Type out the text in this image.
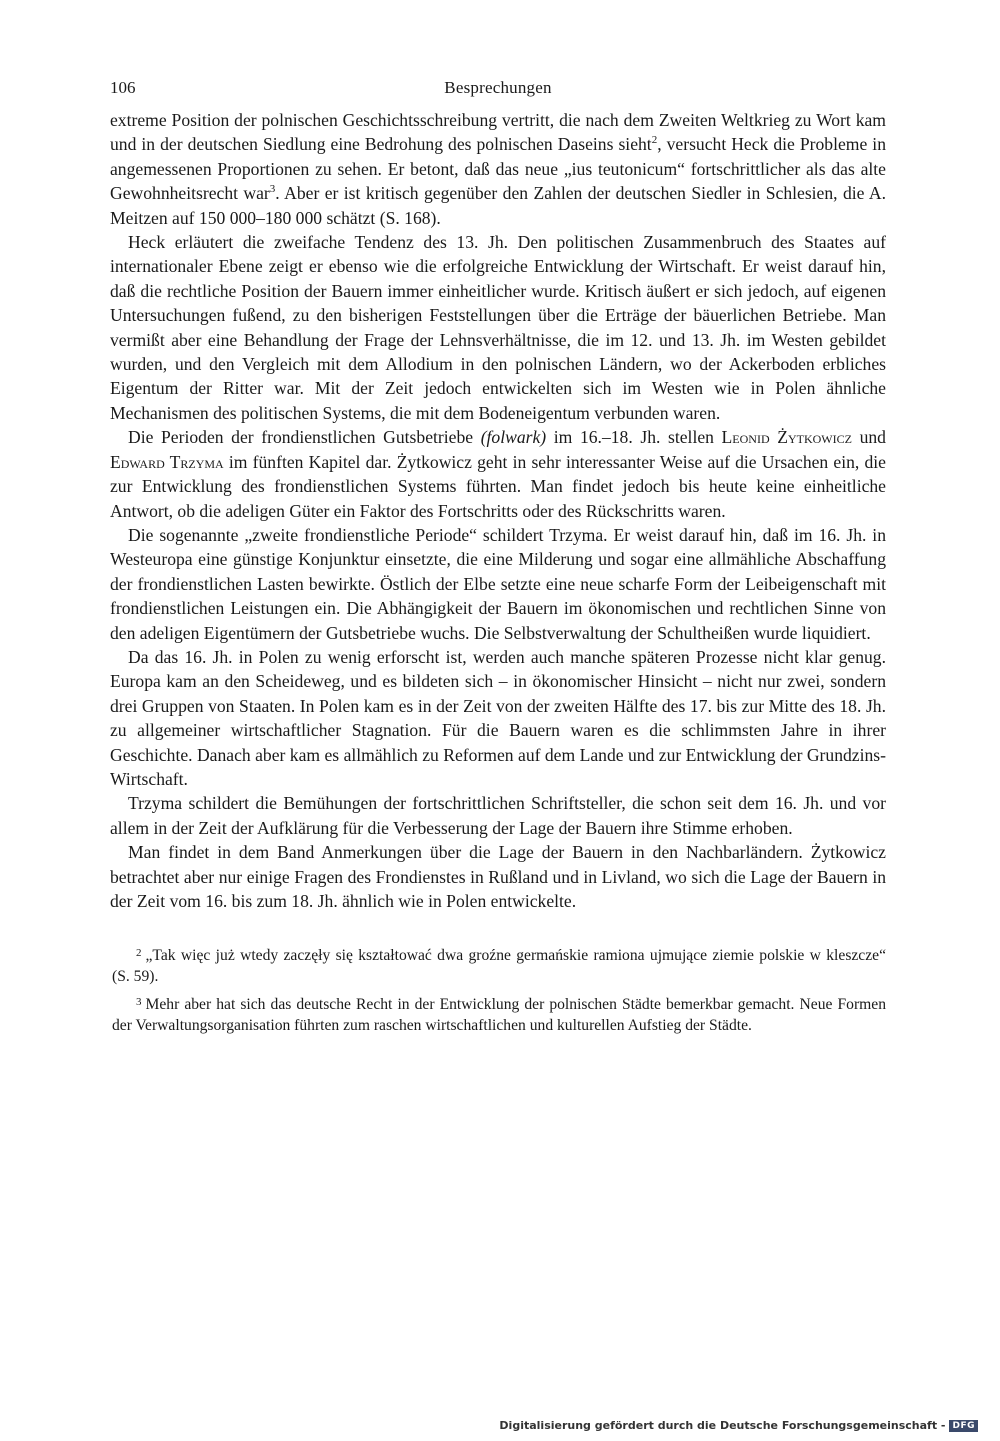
106	Besprechungen

extreme Position der polnischen Geschichtsschreibung vertritt, die nach dem Zweiten Weltkrieg zu Wort kam und in der deutschen Siedlung eine Bedrohung des polnischen Daseins sieht$^2$, versucht Heck die Probleme in angemessenen Proportionen zu sehen. Er betont, daß das neue „ius teutonicum“ fortschrittlicher als das alte Gewohnheitsrecht war$^3$. Aber er ist kritisch gegenüber den Zahlen der deutschen Siedler in Schlesien, die A. Meitzen auf 150 000–180 000 schätzt (S. 168).

Heck erläutert die zweifache Tendenz des 13. Jh. Den politischen Zusammenbruch des Staates auf internationaler Ebene zeigt er ebenso wie die erfolgreiche Entwicklung der Wirtschaft. Er weist darauf hin, daß die rechtliche Position der Bauern immer einheitlicher wurde. Kritisch äußert er sich jedoch, auf eigenen Untersuchungen fußend, zu den bisherigen Feststellungen über die Erträge der bäuerlichen Betriebe. Man vermißt aber eine Behandlung der Frage der Lehnsverhältnisse, die im 12. und 13. Jh. im Westen gebildet wurden, und den Vergleich mit dem Allodium in den polnischen Ländern, wo der Ackerboden erbliches Eigentum der Ritter war. Mit der Zeit jedoch entwickelten sich im Westen wie in Polen ähnliche Mechanismen des politischen Systems, die mit dem Bodeneigentum verbunden waren.

Die Perioden der frondienstlichen Gutsbetriebe (folwark) im 16.–18. Jh. stellen Leonid Żytkowicz und Edward Trzyma im fünften Kapitel dar. Żytkowicz geht in sehr interessanter Weise auf die Ursachen ein, die zur Entwicklung des frondienstlichen Systems führten. Man findet jedoch bis heute keine einheitliche Antwort, ob die adeligen Güter ein Faktor des Fortschritts oder des Rückschritts waren.

Die sogenannte „zweite frondienstliche Periode“ schildert Trzyma. Er weist darauf hin, daß im 16. Jh. in Westeuropa eine günstige Konjunktur einsetzte, die eine Milderung und sogar eine allmähliche Abschaffung der frondienstlichen Lasten bewirkte. Östlich der Elbe setzte eine neue scharfe Form der Leibeigenschaft mit frondienstlichen Leistungen ein. Die Abhängigkeit der Bauern im ökonomischen und rechtlichen Sinne von den adeligen Eigentümern der Gutsbetriebe wuchs. Die Selbstverwaltung der Schultheißen wurde liquidiert.

Da das 16. Jh. in Polen zu wenig erforscht ist, werden auch manche späteren Prozesse nicht klar genug. Europa kam an den Scheideweg, und es bildeten sich – in ökonomischer Hinsicht – nicht nur zwei, sondern drei Gruppen von Staaten. In Polen kam es in der Zeit von der zweiten Hälfte des 17. bis zur Mitte des 18. Jh. zu allgemeiner wirtschaftlicher Stagnation. Für die Bauern waren es die schlimmsten Jahre in ihrer Geschichte. Danach aber kam es allmählich zu Reformen auf dem Lande und zur Entwicklung der Grundzins-Wirtschaft.

Trzyma schildert die Bemühungen der fortschrittlichen Schriftsteller, die schon seit dem 16. Jh. und vor allem in der Zeit der Aufklärung für die Verbesserung der Lage der Bauern ihre Stimme erhoben.

Man findet in dem Band Anmerkungen über die Lage der Bauern in den Nachbarländern. Żytkowicz betrachtet aber nur einige Fragen des Frondienstes in Rußland und in Livland, wo sich die Lage der Bauern in der Zeit vom 16. bis zum 18. Jh. ähnlich wie in Polen entwickelte.

$^2$ „Tak więc już wtedy zaczęły się kształtować dwa groźne germańskie ramiona ujmujące ziemie polskie w kleszcze“ (S. 59).

$^3$ Mehr aber hat sich das deutsche Recht in der Entwicklung der polnischen Städte bemerkbar gemacht. Neue Formen der Verwaltungsorganisation führten zum raschen wirtschaftlichen und kulturellen Aufstieg der Städte.

Digitalisierung gefördert durch die Deutsche Forschungsgemeinschaft - DFG
